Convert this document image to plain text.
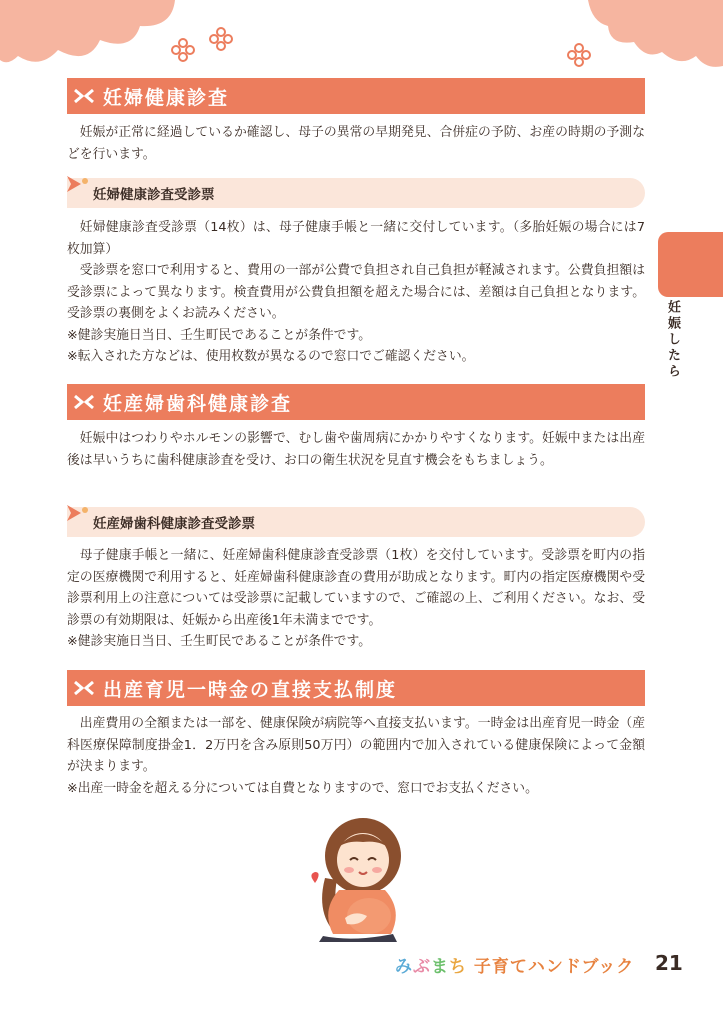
妊娠したら
妊婦健康診査

妊娠が正常に経過しているか確認し、母子の異常の早期発見、合併症の予防、お産の時期の予測などを行います。

妊婦健康診査受診票

妊婦健康診査受診票（14枚）は、母子健康手帳と一緒に交付しています。（多胎妊娠の場合には7枚加算）

受診票を窓口で利用すると、費用の一部が公費で負担され自己負担が軽減されます。公費負担額は受診票によって異なります。検査費用が公費負担額を超えた場合には、差額は自己負担となります。受診票の裏側をよくお読みください。

※健診実施日当日、壬生町民であることが条件です。

※転入された方などは、使用枚数が異なるので窓口でご確認ください。

妊産婦歯科健康診査

妊娠中はつわりやホルモンの影響で、むし歯や歯周病にかかりやすくなります。妊娠中または出産後は早いうちに歯科健康診査を受け、お口の衛生状況を見直す機会をもちましょう。

妊産婦歯科健康診査受診票

母子健康手帳と一緒に、妊産婦歯科健康診査受診票（1枚）を交付しています。受診票を町内の指定の医療機関で利用すると、妊産婦歯科健康診査の費用が助成となります。町内の指定医療機関や受診票利用上の注意については受診票に記載していますので、ご確認の上、ご利用ください。なお、受診票の有効期限は、妊娠から出産後1年未満までです。

※健診実施日当日、壬生町民であることが条件です。

出産育児一時金の直接支払制度

出産費用の全額または一部を、健康保険が病院等へ直接支払います。一時金は出産育児一時金（産科医療保障制度掛金1．2万円を含み原則50万円）の範囲内で加入されている健康保険によって金額が決まります。

※出産一時金を超える分については自費となりますので、窓口でお支払ください。

みぶまち 子育てハンドブック 21
